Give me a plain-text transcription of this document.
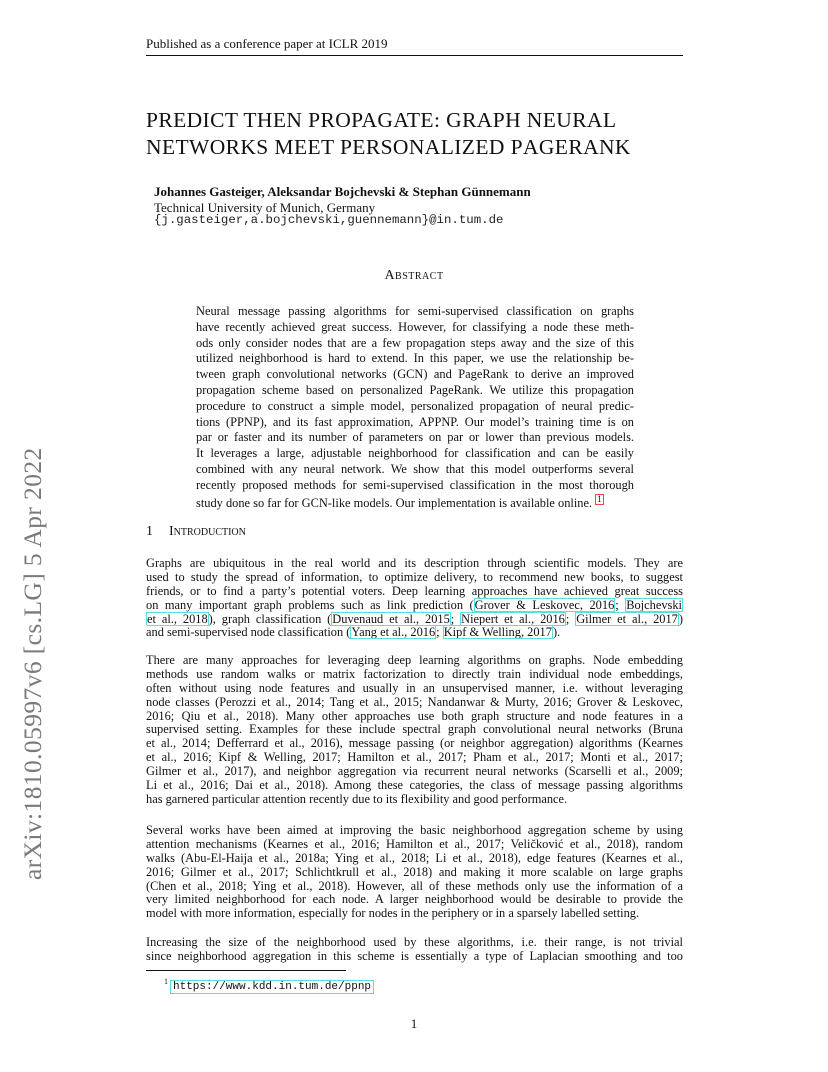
Published as a conference paper at ICLR 2019
arXiv:1810.05997v6 [cs.LG] 5 Apr 2022
PREDICT THEN PROPAGATE: GRAPH NEURAL
NETWORKS MEET PERSONALIZED PAGERANK
Johannes Gasteiger, Aleksandar Bojchevski & Stephan Günnemann
Technical University of Munich, Germany
{j.gasteiger,a.bojchevski,guennemann}@in.tum.de
Abstract
Neural message passing algorithms for semi-supervised classification on graphs
have recently achieved great success. However, for classifying a node these meth-
ods only consider nodes that are a few propagation steps away and the size of this
utilized neighborhood is hard to extend. In this paper, we use the relationship be-
tween graph convolutional networks (GCN) and PageRank to derive an improved
propagation scheme based on personalized PageRank. We utilize this propagation
procedure to construct a simple model, personalized propagation of neural predic-
tions (PPNP), and its fast approximation, APPNP. Our model’s training time is on
par or faster and its number of parameters on par or lower than previous models.
It leverages a large, adjustable neighborhood for classification and can be easily
combined with any neural network. We show that this model outperforms several
recently proposed methods for semi-supervised classification in the most thorough
study done so far for GCN-like models. Our implementation is available online. 1
1 Introduction
Graphs are ubiquitous in the real world and its description through scientific models. They are
used to study the spread of information, to optimize delivery, to recommend new books, to suggest
friends, or to find a party’s potential voters. Deep learning approaches have achieved great success
on many important graph problems such as link prediction (Grover & Leskovec, 2016; Bojchevski
et al., 2018), graph classification (Duvenaud et al., 2015; Niepert et al., 2016; Gilmer et al., 2017)
and semi-supervised node classification (Yang et al., 2016; Kipf & Welling, 2017).
There are many approaches for leveraging deep learning algorithms on graphs. Node embedding
methods use random walks or matrix factorization to directly train individual node embeddings,
often without using node features and usually in an unsupervised manner, i.e. without leveraging
node classes (Perozzi et al., 2014; Tang et al., 2015; Nandanwar & Murty, 2016; Grover & Leskovec,
2016; Qiu et al., 2018). Many other approaches use both graph structure and node features in a
supervised setting. Examples for these include spectral graph convolutional neural networks (Bruna
et al., 2014; Defferrard et al., 2016), message passing (or neighbor aggregation) algorithms (Kearnes
et al., 2016; Kipf & Welling, 2017; Hamilton et al., 2017; Pham et al., 2017; Monti et al., 2017;
Gilmer et al., 2017), and neighbor aggregation via recurrent neural networks (Scarselli et al., 2009;
Li et al., 2016; Dai et al., 2018). Among these categories, the class of message passing algorithms
has garnered particular attention recently due to its flexibility and good performance.
Several works have been aimed at improving the basic neighborhood aggregation scheme by using
attention mechanisms (Kearnes et al., 2016; Hamilton et al., 2017; Veličković et al., 2018), random
walks (Abu-El-Haija et al., 2018a; Ying et al., 2018; Li et al., 2018), edge features (Kearnes et al.,
2016; Gilmer et al., 2017; Schlichtkrull et al., 2018) and making it more scalable on large graphs
(Chen et al., 2018; Ying et al., 2018). However, all of these methods only use the information of a
very limited neighborhood for each node. A larger neighborhood would be desirable to provide the
model with more information, especially for nodes in the periphery or in a sparsely labelled setting.
Increasing the size of the neighborhood used by these algorithms, i.e. their range, is not trivial
since neighborhood aggregation in this scheme is essentially a type of Laplacian smoothing and too
$^1$ https://www.kdd.in.tum.de/ppnp
1
